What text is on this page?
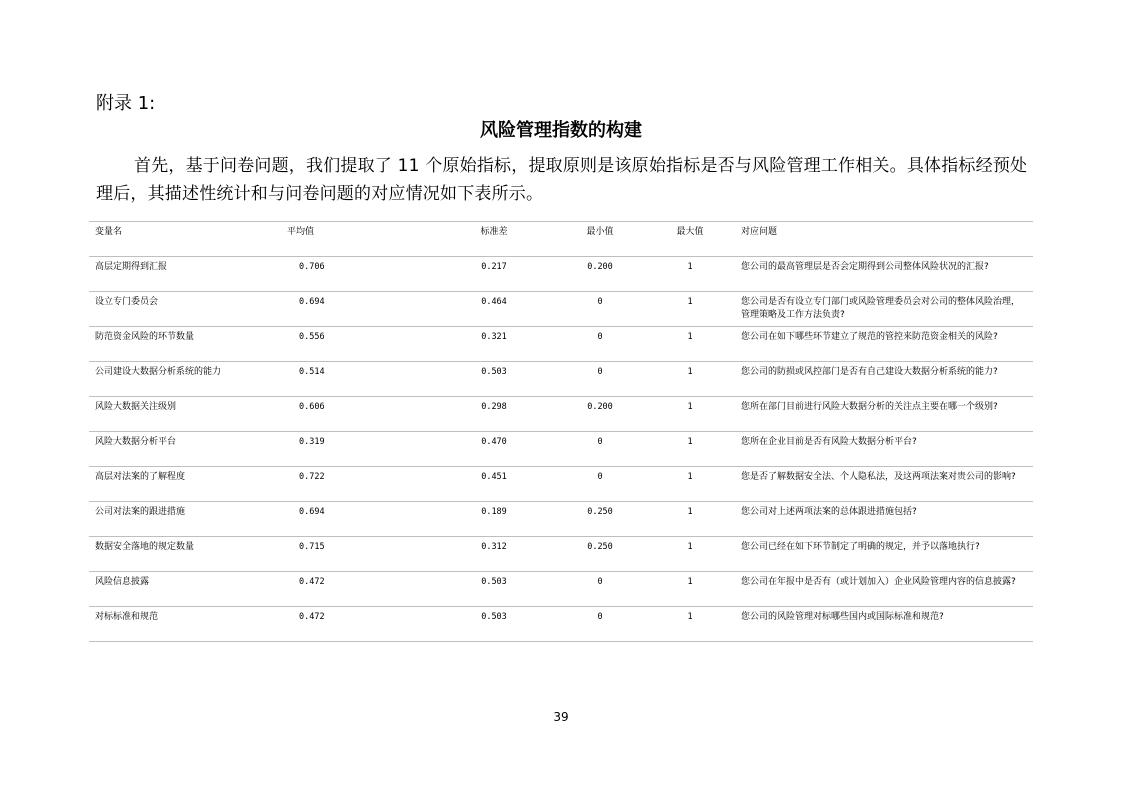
附录 1:
风险管理指数的构建

首先，基于问卷问题，我们提取了 11 个原始指标，提取原则是该原始指标是否与风险管理工作相关。具体指标经预处理后，其描述性统计和与问卷问题的对应情况如下表所示。

变量名	平均值	标准差	最小值	最大值	对应问题
高层定期得到汇报	0.706	0.217	0.200	1	您公司的最高管理层是否会定期得到公司整体风险状况的汇报?
设立专门委员会	0.694	0.464	0	1	您公司是否有设立专门部门或风险管理委员会对公司的整体风险治理，管理策略及工作方法负责?
防范资金风险的环节数量	0.556	0.321	0	1	您公司在如下哪些环节建立了规范的管控来防范资金相关的风险?
公司建设大数据分析系统的能力	0.514	0.503	0	1	您公司的防损或风控部门是否有自己建设大数据分析系统的能力?
风险大数据关注级别	0.606	0.298	0.200	1	您所在部门目前进行风险大数据分析的关注点主要在哪一个级别?
风险大数据分析平台	0.319	0.470	0	1	您所在企业目前是否有风险大数据分析平台?
高层对法案的了解程度	0.722	0.451	0	1	您是否了解数据安全法、个人隐私法，及这两项法案对贵公司的影响?
公司对法案的跟进措施	0.694	0.189	0.250	1	您公司对上述两项法案的总体跟进措施包括?
数据安全落地的规定数量	0.715	0.312	0.250	1	您公司已经在如下环节制定了明确的规定，并予以落地执行?
风险信息披露	0.472	0.503	0	1	您公司在年报中是否有（或计划加入）企业风险管理内容的信息披露?
对标标准和规范	0.472	0.503	0	1	您公司的风险管理对标哪些国内或国际标准和规范?
39
